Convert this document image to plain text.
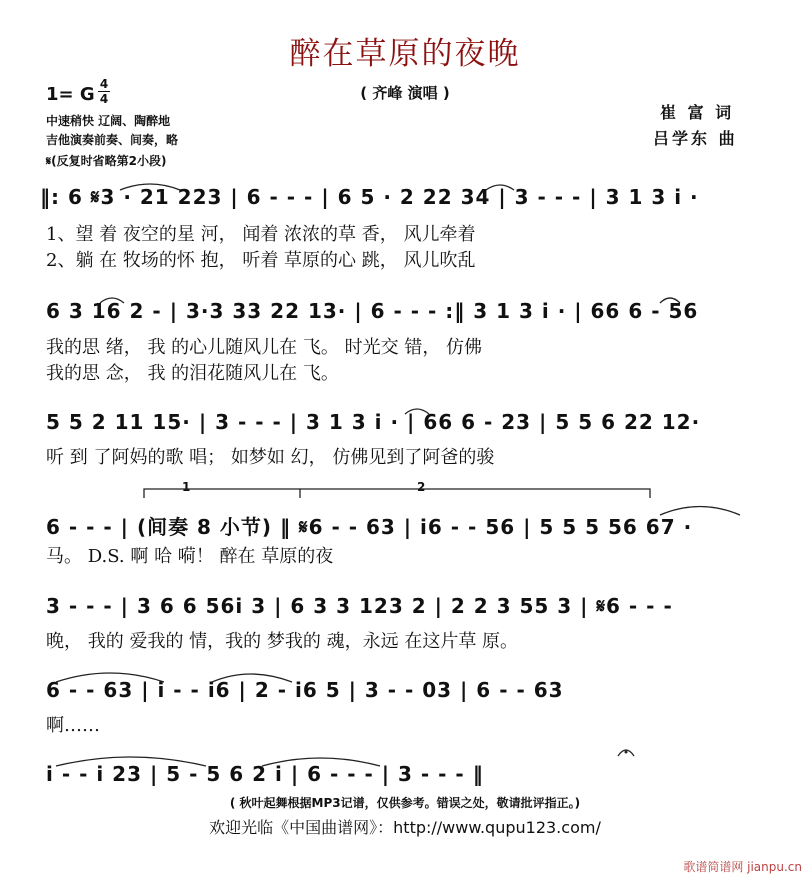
醉在草原的夜晚
( 齐峰 演唱 )
1= G 4
4
中速稍快 辽阔、陶醉地
吉他演奏前奏、间奏，略
𝄋(反复时省略第2小段)
崔 富 词
吕学东 曲
‖: 6 𝄋3 · 21 223 | 6 - - - | 6 5 · 2 22 34 | 3 - - - | 3 1 3 i ·
1、望 着 夜空的星 河， 闻着 浓浓的草 香， 风儿牵着
2、躺 在 牧场的怀 抱， 听着 草原的心 跳， 风儿吹乱
6 3 16 2 - | 3·3 33 22 13· | 6 - - - :‖ 3 1 3 i · | 66 6 - 56
我的思 绪， 我 的心儿随风儿在 飞。 时光交 错， 仿佛
我的思 念， 我 的泪花随风儿在 飞。
5 5 2 11 15· | 3 - - - | 3 1 3 i · | 66 6 - 23 | 5 5 6 22 12·
听 到 了阿妈的歌 唱； 如梦如 幻， 仿佛见到了阿爸的骏
1	2
6 - - - | (间奏 8 小节) ‖ 𝄋6 - - 63 | i6 - - 56 | 5 5 5 56 67 ·
马。 D.S. 啊 哈 嗬！ 醉在 草原的夜
3 - - - | 3 6 6 56i 3 | 6 3 3 123 2 | 2 2 3 55 3 | 𝄋6 - - -
晚， 我的 爱我的 情，我的 梦我的 魂，永远 在这片草 原。
6 - - 63 | i - - i6 | 2 - i6 5 | 3 - - 03 | 6 - - 63
啊……
i - - i 23 | 5 - 5 6 2 i | 6 - - - | 3 - - - ‖
( 秋叶起舞根据MP3记谱，仅供参考。错误之处，敬请批评指正。)
欢迎光临《中国曲谱网》：http://www.qupu123.com/
歌谱简谱网 jianpu.cn
